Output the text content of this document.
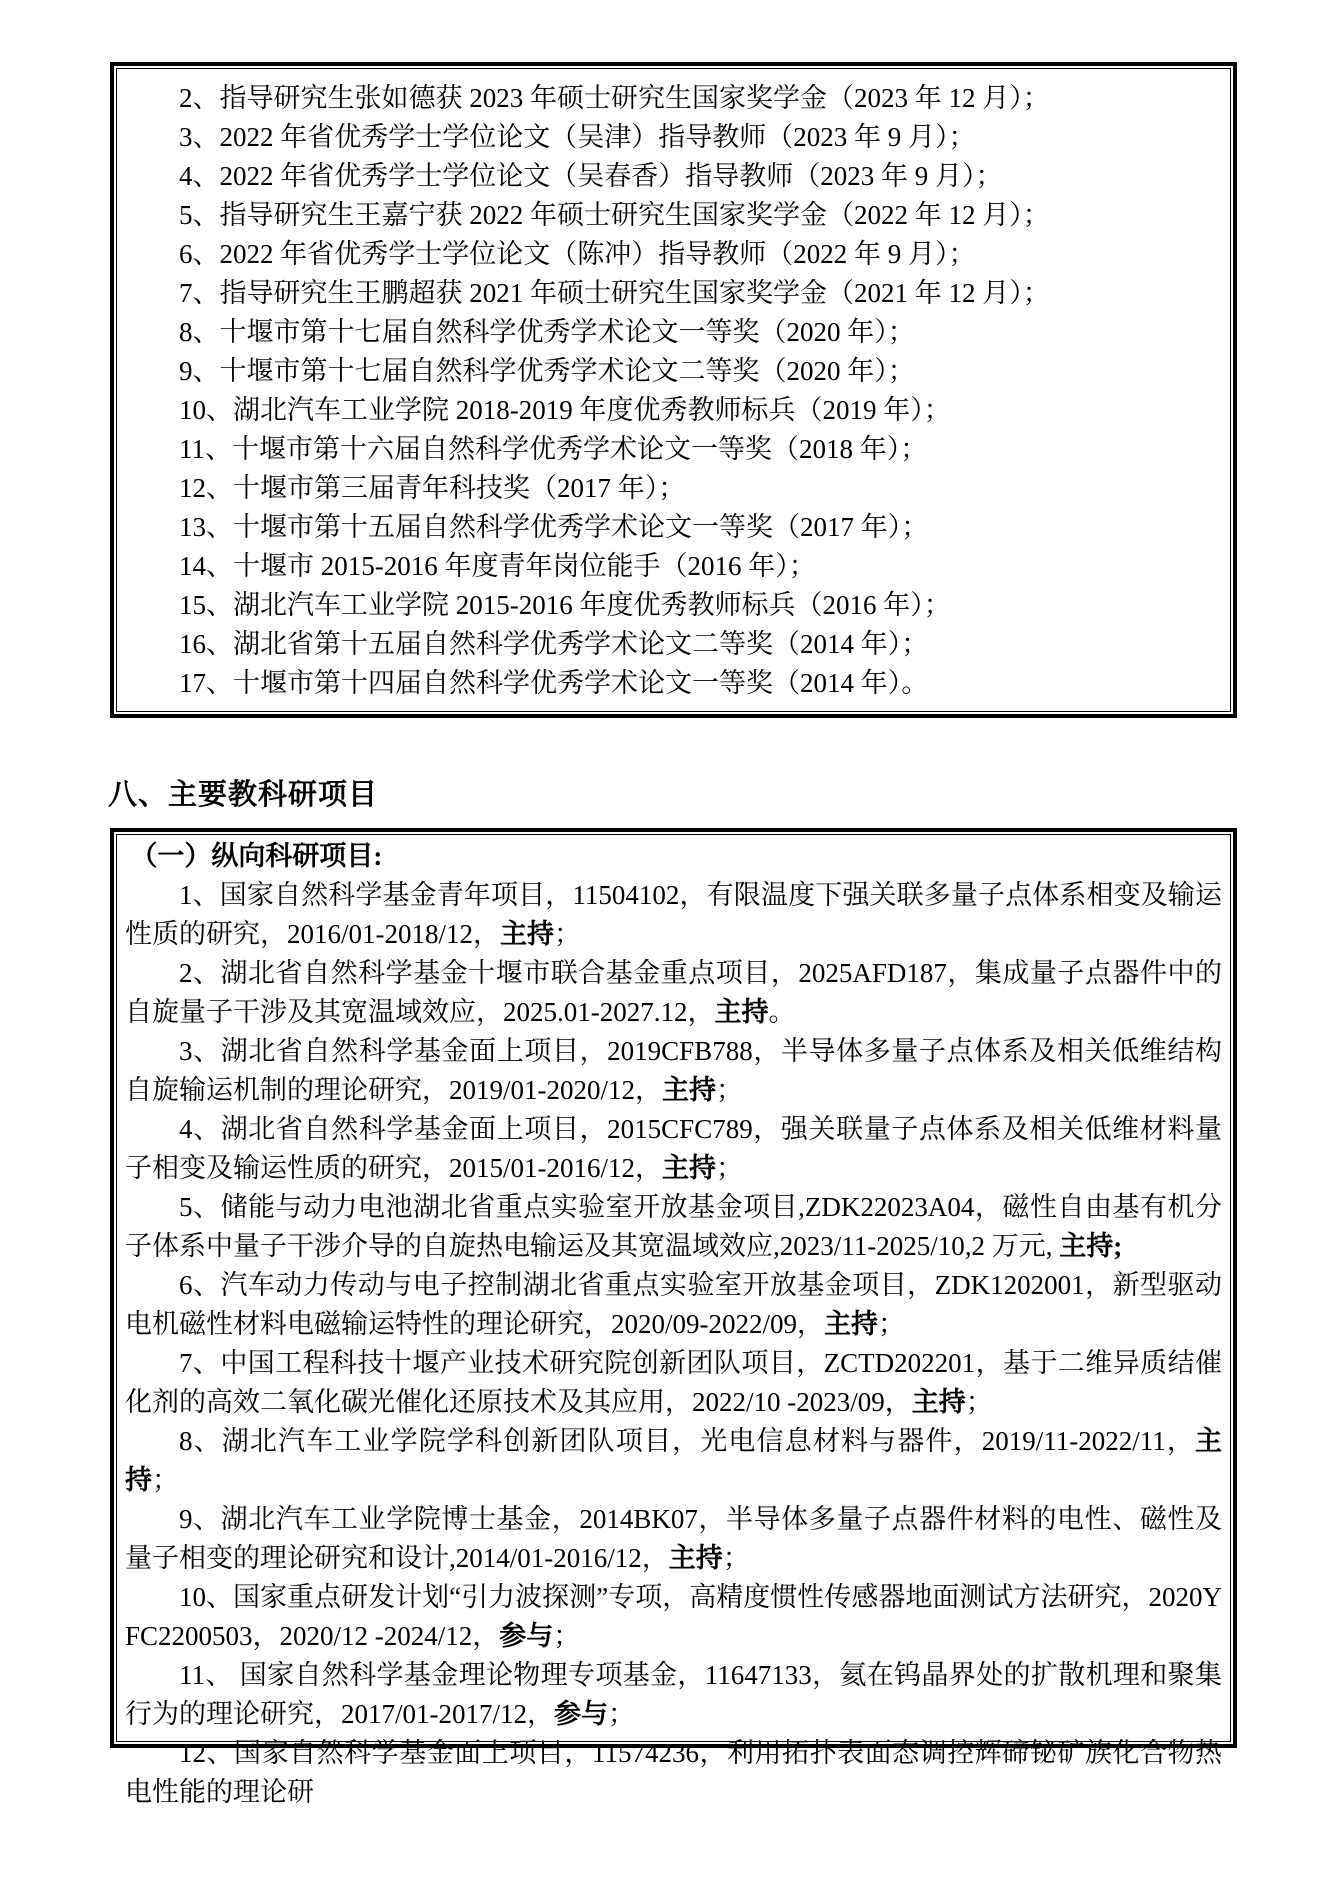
2、指导研究生张如德获 2023 年硕士研究生国家奖学金（2023 年 12 月）；

3、2022 年省优秀学士学位论文（吴津）指导教师（2023 年 9 月）；

4、2022 年省优秀学士学位论文（吴春香）指导教师（2023 年 9 月）；

5、指导研究生王嘉宁获 2022 年硕士研究生国家奖学金（2022 年 12 月）；

6、2022 年省优秀学士学位论文（陈冲）指导教师（2022 年 9 月）；

7、指导研究生王鹏超获 2021 年硕士研究生国家奖学金（2021 年 12 月）；

8、十堰市第十七届自然科学优秀学术论文一等奖（2020 年）；

9、十堰市第十七届自然科学优秀学术论文二等奖（2020 年）；

10、湖北汽车工业学院 2018-2019 年度优秀教师标兵（2019 年）；

11、十堰市第十六届自然科学优秀学术论文一等奖（2018 年）；

12、十堰市第三届青年科技奖（2017 年）；

13、十堰市第十五届自然科学优秀学术论文一等奖（2017 年）；

14、十堰市 2015-2016 年度青年岗位能手（2016 年）；

15、湖北汽车工业学院 2015-2016 年度优秀教师标兵（2016 年）；

16、湖北省第十五届自然科学优秀学术论文二等奖（2014 年）；

17、十堰市第十四届自然科学优秀学术论文一等奖（2014 年）。

八、主要教科研项目

（一）纵向科研项目:

1、国家自然科学基金青年项目，11504102，有限温度下强关联多量子点体系相变及输运性质的研究，2016/01-2018/12，主持；

2、湖北省自然科学基金十堰市联合基金重点项目，2025AFD187，集成量子点器件中的自旋量子干涉及其宽温域效应，2025.01-2027.12，主持。

3、湖北省自然科学基金面上项目，2019CFB788，半导体多量子点体系及相关低维结构自旋输运机制的理论研究，2019/01-2020/12，主持；

4、湖北省自然科学基金面上项目，2015CFC789，强关联量子点体系及相关低维材料量子相变及输运性质的研究，2015/01-2016/12，主持；

5、储能与动力电池湖北省重点实验室开放基金项目,ZDK22023A04，磁性自由基有机分子体系中量子干涉介导的自旋热电输运及其宽温域效应,2023/11-2025/10,2 万元, 主持;

6、汽车动力传动与电子控制湖北省重点实验室开放基金项目，ZDK1202001，新型驱动电机磁性材料电磁输运特性的理论研究，2020/09-2022/09，主持；

7、中国工程科技十堰产业技术研究院创新团队项目，ZCTD202201，基于二维异质结催化剂的高效二氧化碳光催化还原技术及其应用，2022/10 -2023/09，主持；

8、湖北汽车工业学院学科创新团队项目，光电信息材料与器件，2019/11-2022/11，主持；

9、湖北汽车工业学院博士基金，2014BK07，半导体多量子点器件材料的电性、磁性及量子相变的理论研究和设计,2014/01-2016/12，主持；

10、国家重点研发计划“引力波探测”专项，高精度惯性传感器地面测试方法研究，2020YFC2200503，2020/12 -2024/12，参与；

11、 国家自然科学基金理论物理专项基金，11647133，氦在钨晶界处的扩散机理和聚集行为的理论研究，2017/01-2017/12，参与；

12、国家自然科学基金面上项目，11574236，利用拓扑表面态调控辉碲铋矿族化合物热电性能的理论研
